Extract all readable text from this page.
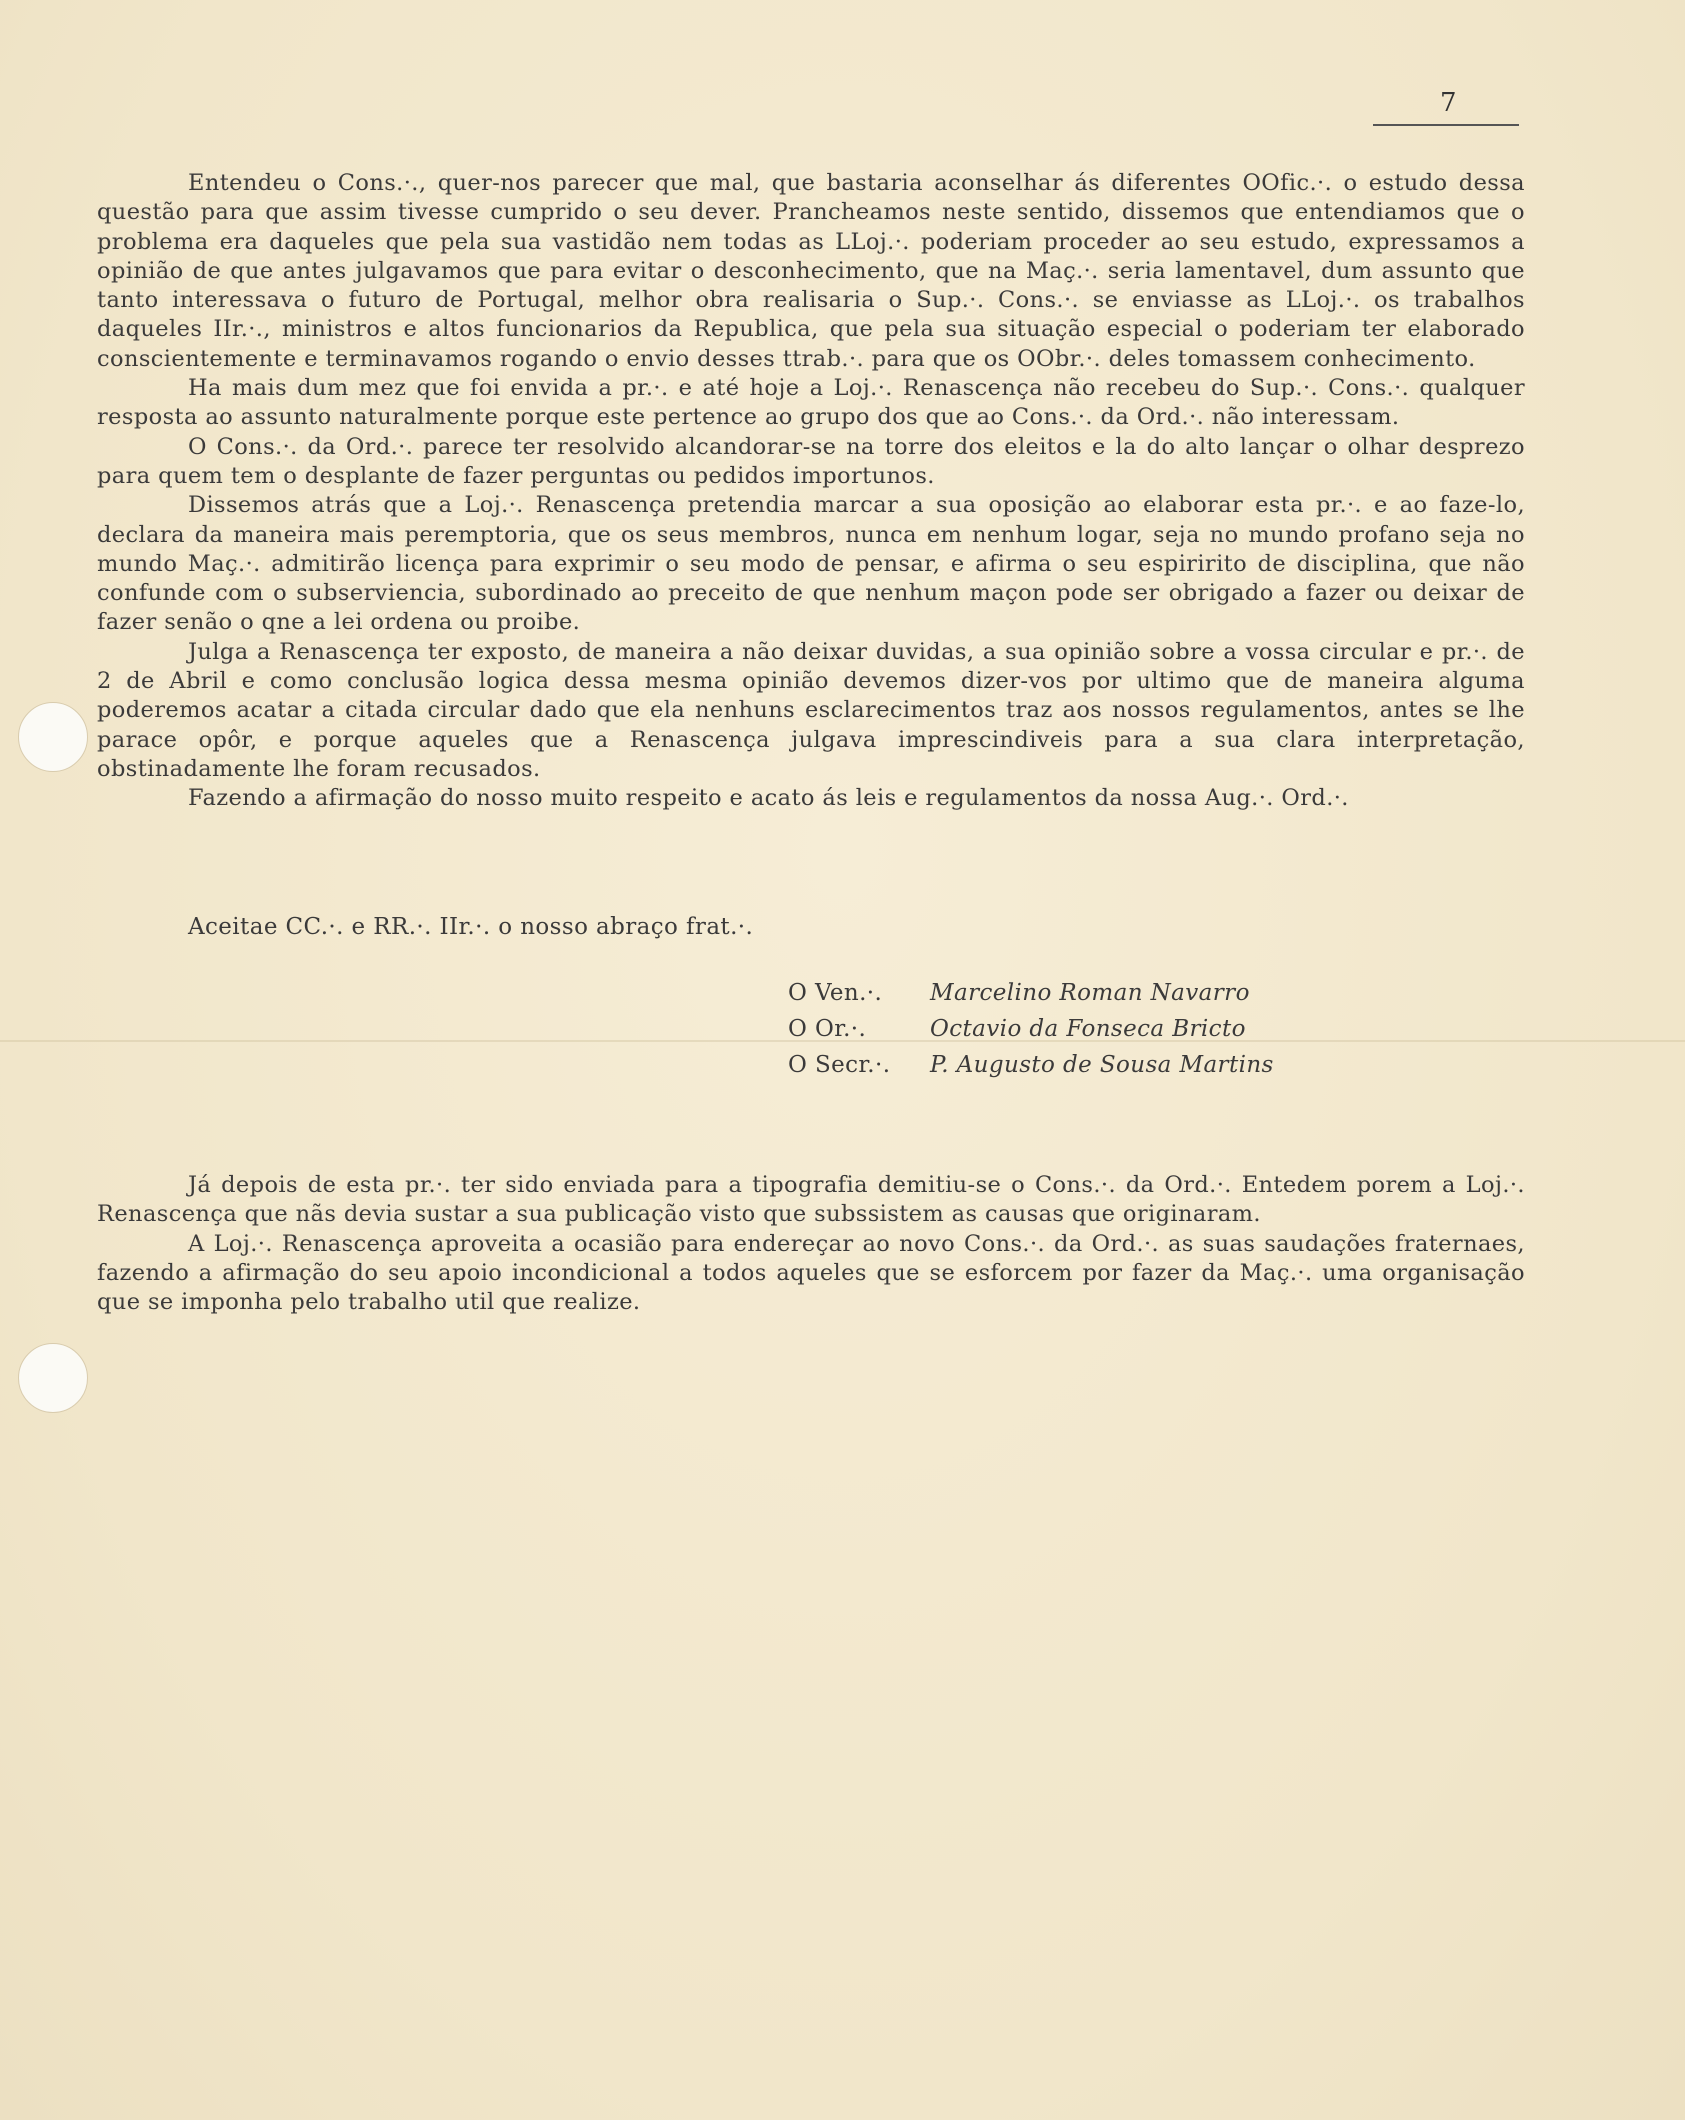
7

Entendeu o Cons.·., quer-nos parecer que mal, que bastaria aconselhar ás diferentes OOfic.·. o estudo dessa questão para que assim tivesse cumprido o seu dever. Prancheamos neste sentido, dissemos que entendiamos que o problema era daqueles que pela sua vastidão nem todas as LLoj.·. poderiam proceder ao seu estudo, expressamos a opinião de que antes julgavamos que para evitar o desconhecimento, que na Maç.·. seria lamentavel, dum assunto que tanto interessava o futuro de Portugal, melhor obra realisaria o Sup.·. Cons.·. se enviasse as LLoj.·. os trabalhos daqueles IIr.·., ministros e altos funcionarios da Republica, que pela sua situação especial o poderiam ter elaborado conscientemente e terminavamos rogando o envio desses ttrab.·. para que os OObr.·. deles tomassem conhecimento.

Ha mais dum mez que foi envida a pr.·. e até hoje a Loj.·. Renascença não recebeu do Sup.·. Cons.·. qualquer resposta ao assunto naturalmente porque este pertence ao grupo dos que ao Cons.·. da Ord.·. não interessam.

O Cons.·. da Ord.·. parece ter resolvido alcandorar-se na torre dos eleitos e la do alto lançar o olhar desprezo para quem tem o desplante de fazer perguntas ou pedidos importunos.

Dissemos atrás que a Loj.·. Renascença pretendia marcar a sua oposição ao elaborar esta pr.·. e ao faze-lo, declara da maneira mais peremptoria, que os seus membros, nunca em nenhum logar, seja no mundo profano seja no mundo Maç.·. admitirão licença para exprimir o seu modo de pensar, e afirma o seu espiririto de disciplina, que não confunde com o subserviencia, subordinado ao preceito de que nenhum maçon pode ser obrigado a fazer ou deixar de fazer senão o qne a lei ordena ou proibe.

Julga a Renascença ter exposto, de maneira a não deixar duvidas, a sua opinião sobre a vossa circular e pr.·. de 2 de Abril e como conclusão logica dessa mesma opinião devemos dizer-vos por ultimo que de maneira alguma poderemos acatar a citada circular dado que ela nenhuns esclarecimentos traz aos nossos regulamentos, antes se lhe parace opôr, e porque aqueles que a Renascença julgava imprescindiveis para a sua clara interpretação, obstinadamente lhe foram recusados.

Fazendo a afirmação do nosso muito respeito e acato ás leis e regulamentos da nossa Aug.·. Ord.·.

Aceitae CC.·. e RR.·. IIr.·. o nosso abraço frat.·.
O Ven.·. Marcelino Roman Navarro
O Or.·.	Octavio da Fonseca Bricto
O Secr.·. P. Augusto de Sousa Martins

Já depois de esta pr.·. ter sido enviada para a tipografia demitiu-se o Cons.·. da Ord.·. Entedem porem a Loj.·. Renascença que nãs devia sustar a sua publicação visto que subssistem as causas que originaram.

A Loj.·. Renascença aproveita a ocasião para endereçar ao novo Cons.·. da Ord.·. as suas saudações fraternaes, fazendo a afirmação do seu apoio incondicional a todos aqueles que se esforcem por fazer da Maç.·. uma organisação que se imponha pelo trabalho util que realize.
